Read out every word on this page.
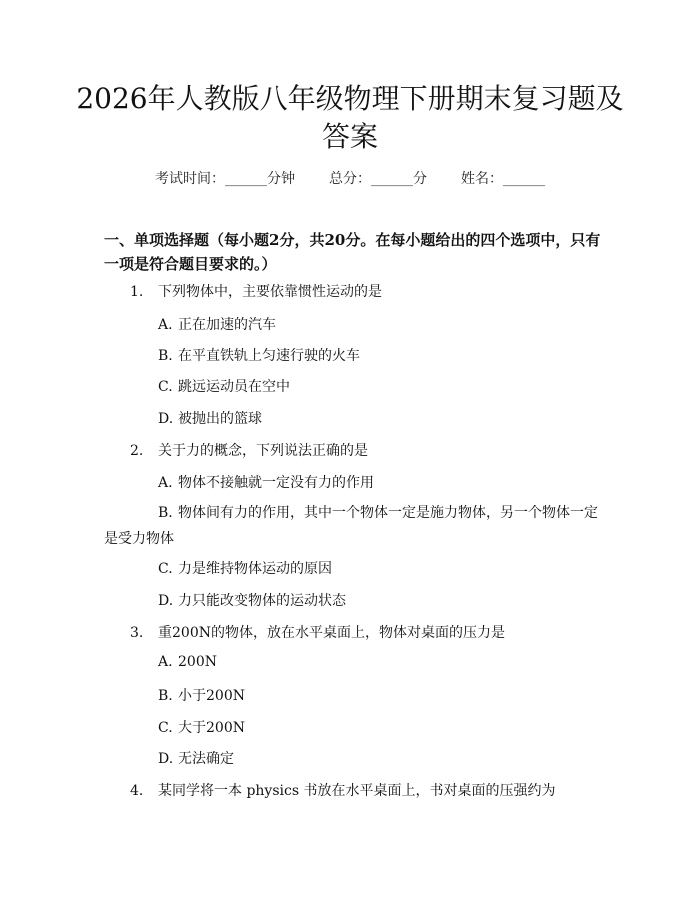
2026年人教版八年级物理下册期末复习题及答案
考试时间：______分钟 总分：______分 姓名：______
一、单项选择题（每小题2分，共20分。在每小题给出的四个选项中，只有一项是符合题目要求的。）
1. 下列物体中，主要依靠惯性运动的是
A. 正在加速的汽车
B. 在平直铁轨上匀速行驶的火车
C. 跳远运动员在空中
D. 被抛出的篮球
2. 关于力的概念，下列说法正确的是
A. 物体不接触就一定没有力的作用
B. 物体间有力的作用，其中一个物体一定是施力物体，另一个物体一定是受力物体
C. 力是维持物体运动的原因
D. 力只能改变物体的运动状态
3. 重200N的物体，放在水平桌面上，物体对桌面的压力是
A. 200N
B. 小于200N
C. 大于200N
D. 无法确定
4. 某同学将一本 physics 书放在水平桌面上，书对桌面的压强约为
